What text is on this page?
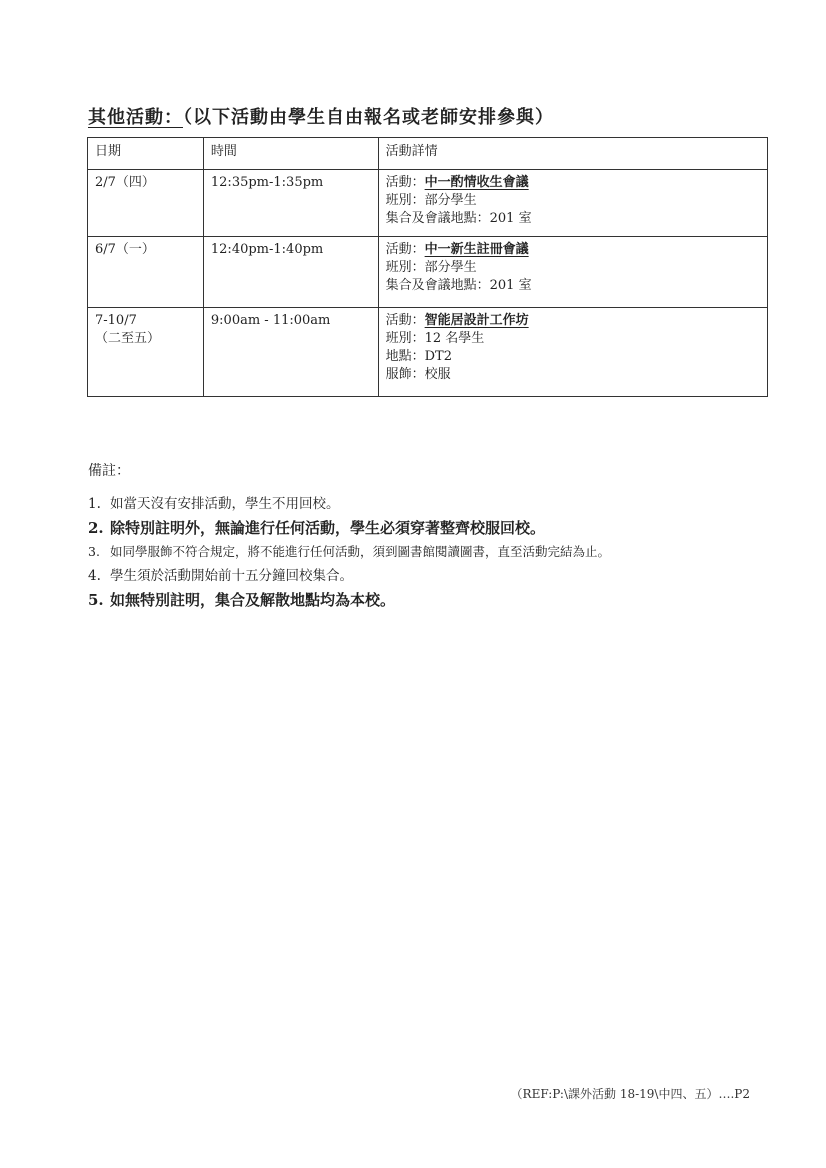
其他活動：（以下活動由學生自由報名或老師安排參與）
日期	時間	活動詳情

2/7（四）	12:35pm-1:35pm	活動：中一酌情收生會議
班別：部分學生
集合及會議地點：201 室

6/7（一）	12:40pm-1:40pm	活動：中一新生註冊會議
班別：部分學生
集合及會議地點：201 室

7-10/7
（二至五）	9:00am - 11:00am	活動：智能居設計工作坊
班別：12 名學生
地點：DT2
服飾：校服
備註：
1. 如當天沒有安排活動，學生不用回校。
2. 除特別註明外，無論進行任何活動，學生必須穿著整齊校服回校。
3. 如同學服飾不符合規定，將不能進行任何活動，須到圖書館閱讀圖書，直至活動完結為止。
4. 學生須於活動開始前十五分鐘回校集合。
5. 如無特別註明，集合及解散地點均為本校。
（REF:P:\課外活動 18-19\中四、五）….P2
